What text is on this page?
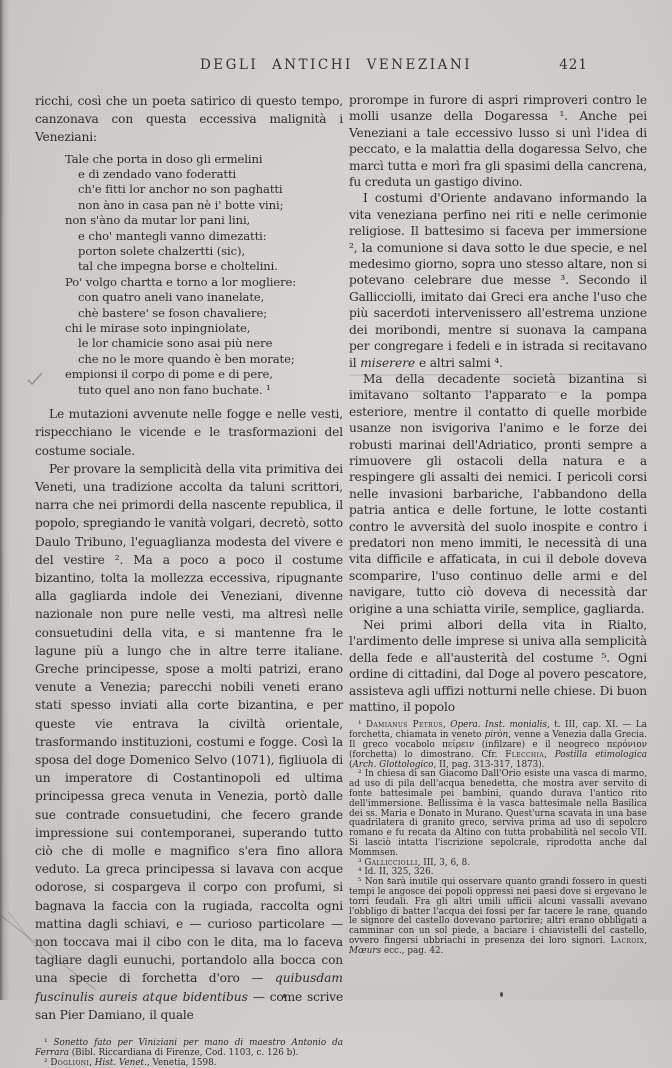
DEGLI ANTICHI VENEZIANI	421

ricchi, così che un poeta satirico di questo tempo, canzonava con questa eccessiva malignità i Veneziani:

Tale che porta in doso gli ermelini
e di zendado vano foderatti
ch'e fitti lor anchor no son paghatti
non àno in casa pan nè i' botte vini;
non s'àno da mutar lor pani lini,
e cho' mantegli vanno dimezatti:
porton solete chalzertti (sic),
tal che impegna borse e choltelini.
Po' volgo chartta e torno a lor mogliere:
con quatro aneli vano inanelate,
chè bastere' se foson chavaliere;
chi le mirase soto inpingniolate,
le lor chamicie sono asai più nere
che no le more quando è ben morate;
empionsi il corpo di pome e di pere,
tuto quel ano non fano buchate. ¹

Le mutazioni avvenute nelle fogge e nelle vesti, rispecchiano le vicende e le trasformazioni del costume sociale.

Per provare la semplicità della vita primitiva dei Veneti, una tradizione accolta da taluni scrittori, narra che nei primordi della nascente republica, il popolo, spregiando le vanità volgari, decretò, sotto Daulo Tribuno, l'eguaglianza modesta del vivere e del vestire ². Ma a poco a poco il costume bizantino, tolta la mollezza eccessiva, ripugnante alla gagliarda indole dei Veneziani, divenne nazionale non pure nelle vesti, ma altresì nelle consuetudini della vita, e si mantenne fra le lagune più a lungo che in altre terre italiane. Greche principesse, spose a molti patrizi, erano venute a Venezia; parecchi nobili veneti erano stati spesso inviati alla corte bizantina, e per queste vie entrava la civiltà orientale, trasformando instituzioni, costumi e fogge. Così la sposa del doge Domenico Selvo (1071), figliuola di un imperatore di Costantinopoli ed ultima principessa greca venuta in Venezia, portò dalle sue contrade consuetudini, che fecero grande impressione sui contemporanei, superando tutto ciò che di molle e magnifico s'era fino allora veduto. La greca principessa si lavava con acque odorose, si cospargeva il corpo con profumi, si bagnava la faccia con la rugiada, raccolta ogni mattina dagli schiavi, e — curioso particolare — non toccava mai il cibo con le dita, ma lo faceva tagliare dagli eunuchi, portandolo alla bocca con una specie di forchetta d'oro — quibusdam fuscinulis aureis atque bidentibus — come scrive san Pier Damiano, il quale

¹ Sonetto fato per Viniziani per mano di maestro Antonio da Ferrara (Bibl. Riccardiana di Firenze, Cod. 1103, c. 126 b).

² Doglioni, Hist. Venet., Venetia, 1598.

prorompe in furore di aspri rimproveri contro le molli usanze della Dogaressa ¹. Anche pei Veneziani a tale eccessivo lusso si unì l'idea di peccato, e la malattia della dogaressa Selvo, che marcì tutta e morì fra gli spasimi della cancrena, fu creduta un gastigo divino.

I costumi d'Oriente andavano informando la vita veneziana perfino nei riti e nelle cerimonie religiose. Il battesimo si faceva per immersione ², la comunione si dava sotto le due specie, e nel medesimo giorno, sopra uno stesso altare, non si potevano celebrare due messe ³. Secondo il Gallicciolli, imitato dai Greci era anche l'uso che più sacerdoti intervenissero all'estrema unzione dei moribondi, mentre si suonava la campana per congregare i fedeli e in istrada si recitavano il miserere e altri salmi ⁴.

Ma della decadente società bizantina si imitavano soltanto l'apparato e la pompa esteriore, mentre il contatto di quelle morbide usanze non isvigoriva l'animo e le forze dei robusti marinai dell'Adriatico, pronti sempre a rimuovere gli ostacoli della natura e a respingere gli assalti dei nemici. I pericoli corsi nelle invasioni barbariche, l'abbandono della patria antica e delle fortune, le lotte costanti contro le avversità del suolo inospite e contro i predatori non meno immiti, le necessità di una vita difficile e affaticata, in cui il debole doveva scomparire, l'uso continuo delle armi e del navigare, tutto ciò doveva di necessità dar origine a una schiatta virile, semplice, gagliarda.

Nei primi albori della vita in Rialto, l'ardimento delle imprese si univa alla semplicità della fede e all'austerità del costume ⁵. Ogni ordine di cittadini, dal Doge al povero pescatore, assisteva agli uffizi notturni nelle chiese. Di buon mattino, il popolo

¹ Damianus Petrus, Opera. Inst. monialis, t. III, cap. XI. — La forchetta, chiamata in veneto piròn, venne a Venezia dalla Grecia. Il greco vocabolo πείρειν (infilzare) e il neogreco περόνιον (forchetta) lo dimostrano. Cfr. Flecchia, Postilla etimologica (Arch. Glottologico, II, pag. 313-317, 1873).

² In chiesa di san Giacomo Dall'Orio esiste una vasca di marmo, ad uso di pila dell'acqua benedetta, che mostra aver servito di fonte battesimale pei bambini, quando durava l'antico rito dell'immersione. Bellissima è la vasca battesimale nella Basilica dei ss. Maria e Donato in Murano. Quest'urna scavata in una base quadrilatera di granito greco, serviva prima ad uso di sepolcro romano e fu recata da Altino con tutta probabilità nel secolo VII. Si lasciò intatta l'iscrizione sepolcrale, riprodotta anche dal Mommsen.

³ Gallicciolli, III, 3, 6, 8.

⁴ Id. II, 325, 326.

⁵ Non sarà inutile qui osservare quanto grandi fossero in questi tempi le angosce dei popoli oppressi nei paesi dove si ergevano le torri feudali. Fra gli altri umili ufficii alcuni vassalli avevano l'obbligo di batter l'acqua dei fossi per far tacere le rane, quando le signore del castello dovevano partorire; altri erano obbligati a camminar con un sol piede, a baciare i chiavistelli del castello, ovvero fingersi ubbriachi in presenza dei loro signori. Lacroix, Mœurs ecc., pag. 42.
